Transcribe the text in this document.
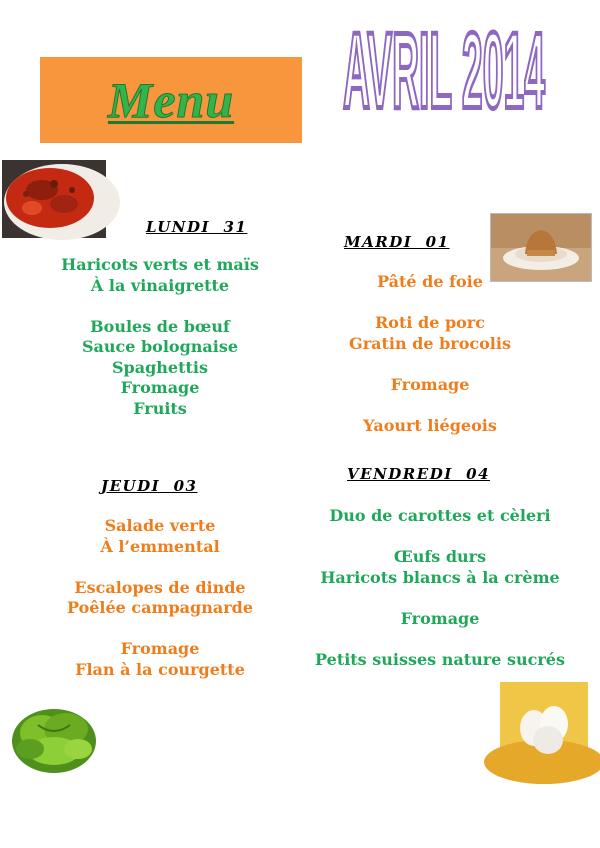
Menu	AVRIL 2014
LUNDI  31
MARDI  01
JEUDI  03
VENDREDI  04
Haricots verts et maïs
À la vinaigrette
Boules de bœuf
Sauce bolognaise
Spaghettis
Fromage
Fruits
Pâté de foie
Roti de porc
Gratin de brocolis
Fromage
Yaourt liégeois
Salade verte
À l’emmental
Escalopes de dinde
Poêlée campagnarde
Fromage
Flan à la courgette
Duo de carottes et cèleri
Œufs durs
Haricots blancs à la crème
Fromage
Petits suisses nature sucrés
